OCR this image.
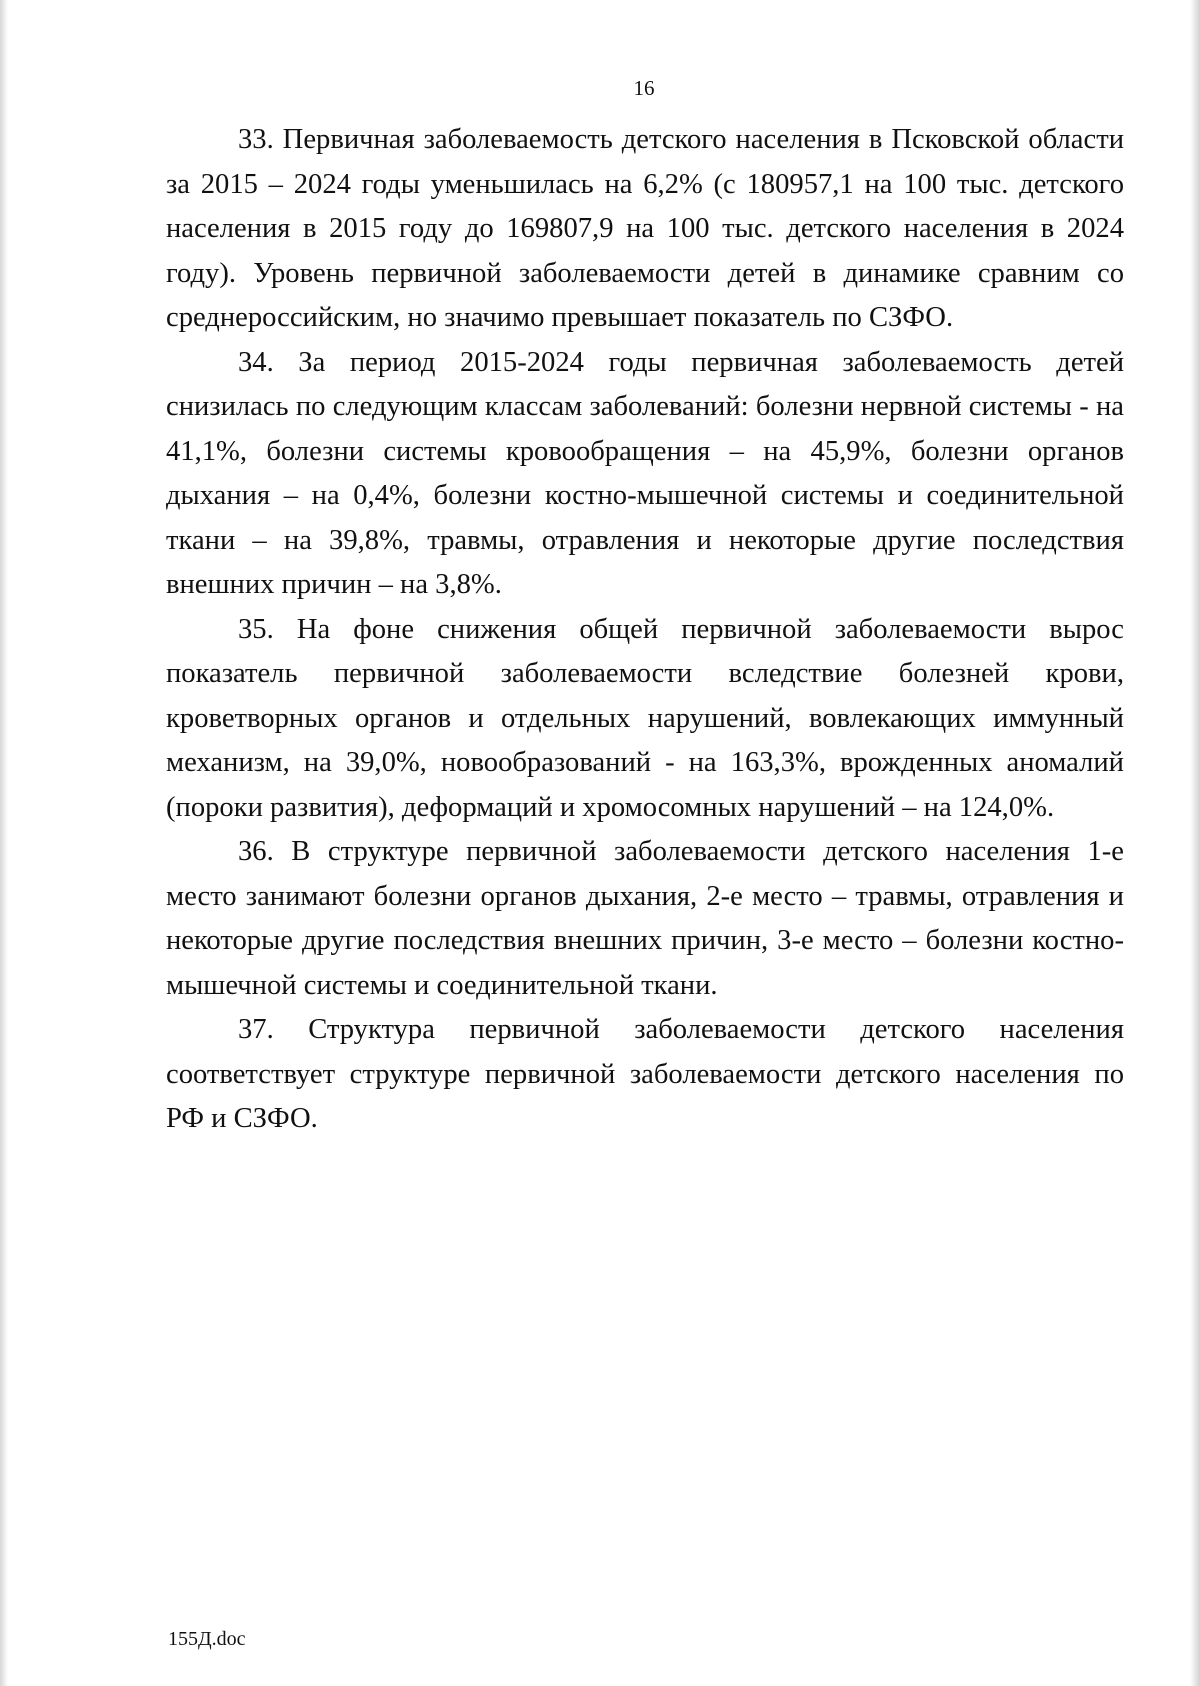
16

33. Первичная заболеваемость детского населения в Псковской области за 2015 – 2024 годы уменьшилась на 6,2% (с 180957,1 на 100 тыс. детского населения в 2015 году до 169807,9 на 100 тыс. детского населения в 2024 году). Уровень первичной заболеваемости детей в динамике сравним со среднероссийским, но значимо превышает показатель по СЗФО.

34. За период 2015-2024 годы первичная заболеваемость детей снизилась по следующим классам заболеваний: болезни нервной системы - на 41,1%, болезни системы кровообращения – на 45,9%, болезни органов дыхания – на 0,4%, болезни костно-мышечной системы и соединительной ткани – на 39,8%, травмы, отравления и некоторые другие последствия внешних причин – на 3,8%.

35. На фоне снижения общей первичной заболеваемости вырос показатель первичной заболеваемости вследствие болезней крови, кроветворных органов и отдельных нарушений, вовлекающих иммунный механизм, на 39,0%, новообразований - на 163,3%, врожденных аномалий (пороки развития), деформаций и хромосомных нарушений – на 124,0%.

36. В структуре первичной заболеваемости детского населения 1-е место занимают болезни органов дыхания, 2-е место – травмы, отравления и некоторые другие последствия внешних причин, 3-е место – болезни костно-мышечной системы и соединительной ткани.

37. Структура первичной заболеваемости детского населения соответствует структуре первичной заболеваемости детского населения по РФ и СЗФО.

155Д.doc
